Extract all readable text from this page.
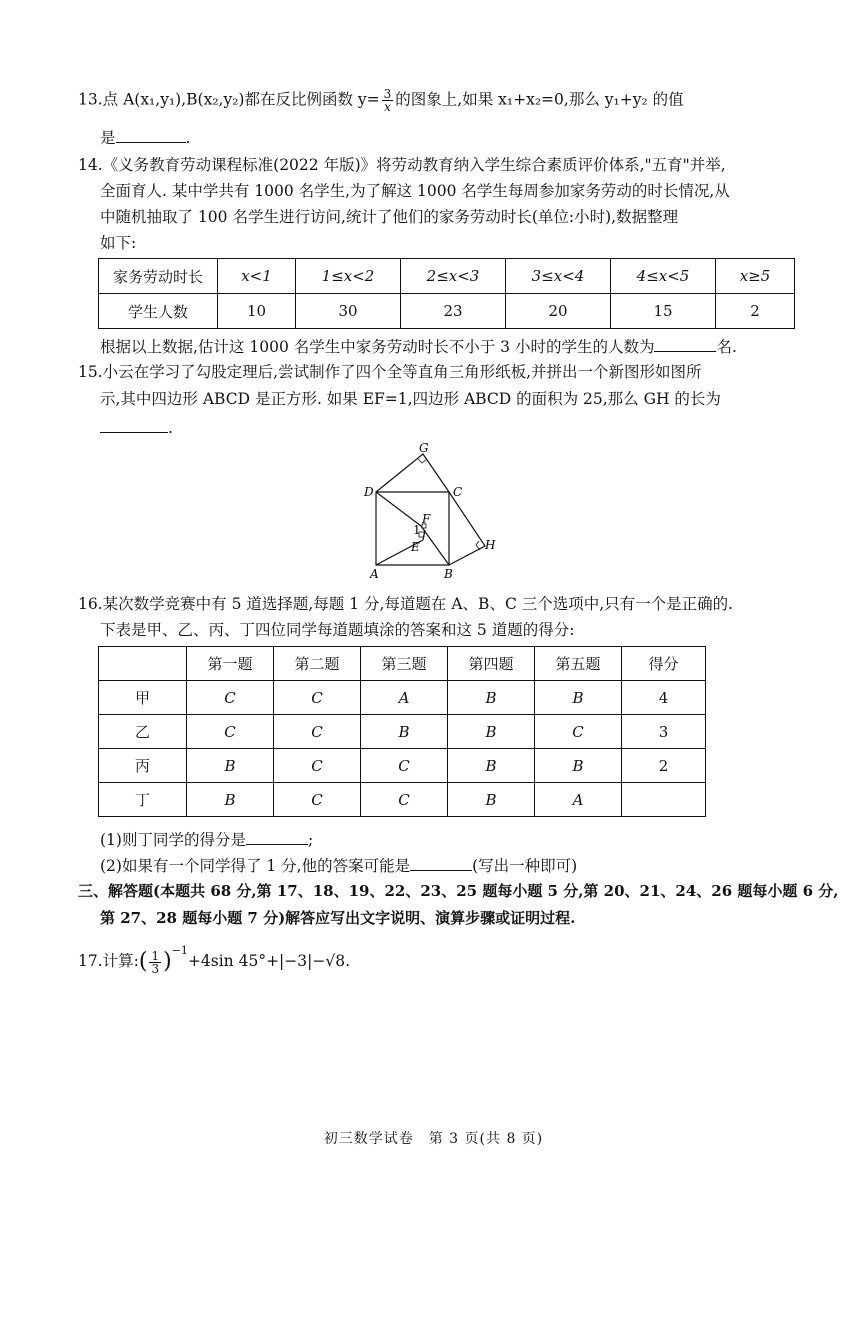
13.点 A(x₁,y₁),B(x₂,y₂)都在反比例函数 $y= \frac{3}{x}$ 的图象上,如果 x₁+x₂=0,那么 y₁+y₂ 的值
是	.
14.《义务教育劳动课程标准(2022 年版)》将劳动教育纳入学生综合素质评价体系,"五育"并举,
全面育人. 某中学共有 1000 名学生,为了解这 1000 名学生每周参加家务劳动的时长情况,从
中随机抽取了 100 名学生进行访问,统计了他们的家务劳动时长(单位:小时),数据整理
如下:
家务劳动时长	x<1	1≤x<2	2≤x<3	3≤x<4	4≤x<5	x≥5
学生人数	10	30	23	20	15	2
根据以上数据,估计这 1000 名学生中家务劳动时长不小于 3 小时的学生的人数为	名.
15.小云在学习了勾股定理后,尝试制作了四个全等直角三角形纸板,并拼出一个新图形如图所
示,其中四边形 ABCD 是正方形. 如果 EF=1,四边形 ABCD 的面积为 25,那么 GH 的长为
.
G
D	C
F
1
E	H
A	B
16.某次数学竞赛中有 5 道选择题,每题 1 分,每道题在 A、B、C 三个选项中,只有一个是正确的.
下表是甲、乙、丙、丁四位同学每道题填涂的答案和这 5 道题的得分:
	第一题	第二题	第三题	第四题	第五题	得分
甲	C	C	A	B	B	4
乙	C	C	B	B	C	3
丙	B	C	C	B	B	2
丁	B	C	C	B	A	
(1)则丁同学的得分是	;
(2)如果有一个同学得了 1 分,他的答案可能是	(写出一种即可)
三、解答题(本题共 68 分,第 17、18、19、22、23、25 题每小题 5 分,第 20、21、24、26 题每小题 6 分,
第 27、28 题每小题 7 分)解答应写出文字说明、演算步骤或证明过程.
17.计算:( $\frac{1}{3} )^{-1}+4\sin$ 45°+|−3|−√8.
初三数学试卷　第 3 页(共 8 页)
